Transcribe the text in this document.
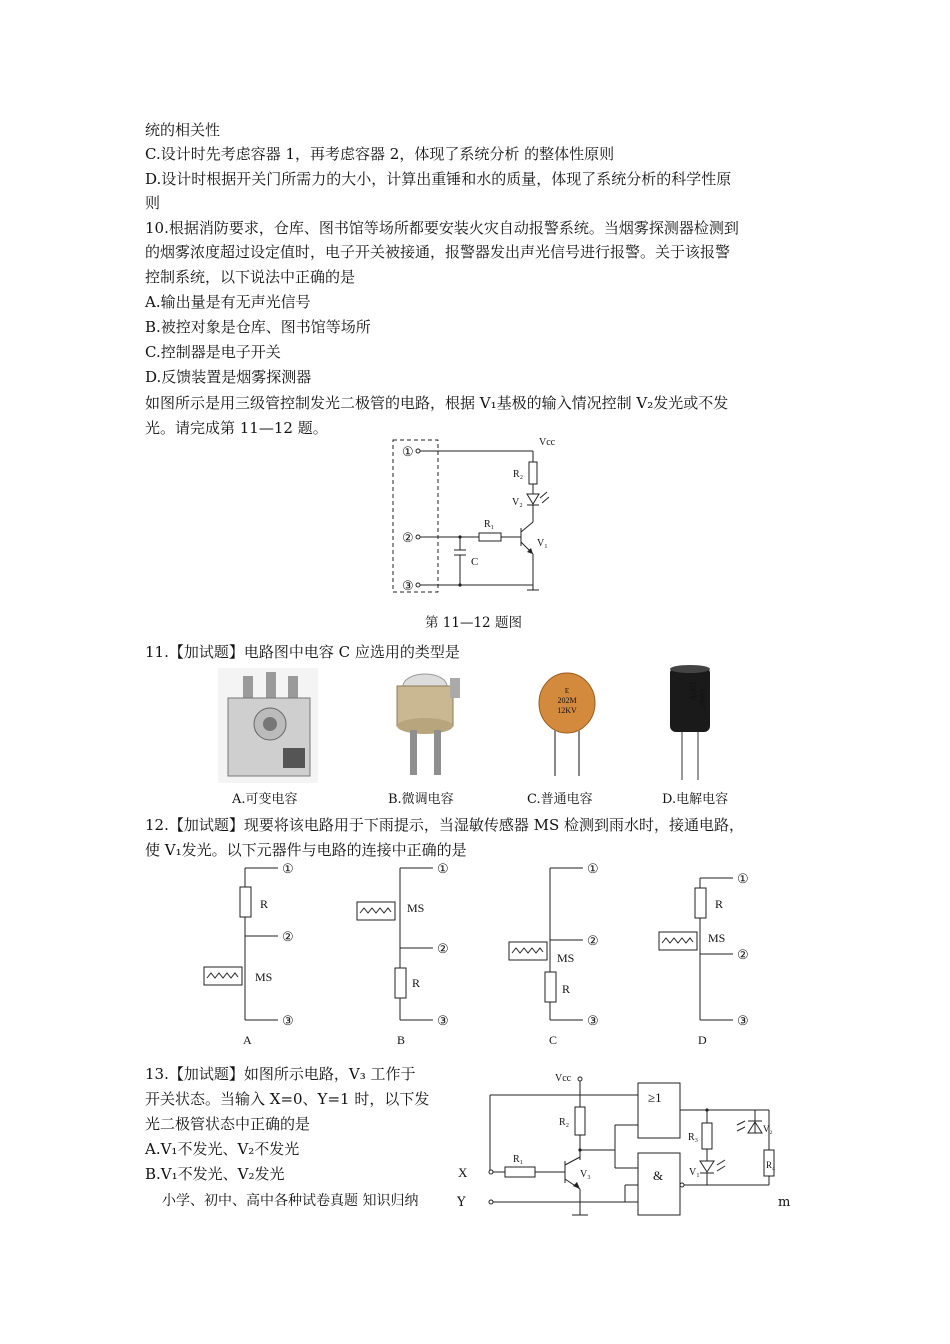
统的相关性
C.设计时先考虑容器 1，再考虑容器 2，体现了系统分析 的整体性原则
D.设计时根据开关门所需力的大小，计算出重锤和水的质量，体现了系统分析的科学性原
则
10.根据消防要求，仓库、图书馆等场所都要安装火灾自动报警系统。当烟雾探测器检测到
的烟雾浓度超过设定值时，电子开关被接通，报警器发出声光信号进行报警。关于该报警
控制系统，以下说法中正确的是
A.输出量是有无声光信号
B.被控对象是仓库、图书馆等场所
C.控制器是电子开关
D.反馈装置是烟雾探测器
如图所示是用三级管控制发光二极管的电路，根据 V₁基极的输入情况控制 V₂发光或不发
光。请完成第 11—12 题。
①
②
③
Vcc
R₂
V₂
R₁
V₁
C
第 11—12 题图
11.【加试题】电路图中电容 C 应选用的类型是
E
202M
12KV
100V 100μF
A.可变电容	B.微调电容	C.普通电容	D.电解电容
12.【加试题】现要将该电路用于下雨提示，当湿敏传感器 MS 检测到雨水时，接通电路，
使 V₁发光。以下元器件与电路的连接中正确的是
①
②
③
R
MS
A
①
②
③
MS
R
B
①
②
③
MS
R
C
①
②
③
R
MS
D
13.【加试题】如图所示电路，V₃ 工作于
开关状态。当输入 X=0、Y=1 时，以下发
光二极管状态中正确的是
A.V₁不发光、V₂不发光
B.V₁不发光、V₂发光
Vcc
R₂
R₁
V₃
≥1
&
R₃
V₁
V₂
R₄
X
小学、初中、高中各种试卷真题 知识归纳	Y	m
